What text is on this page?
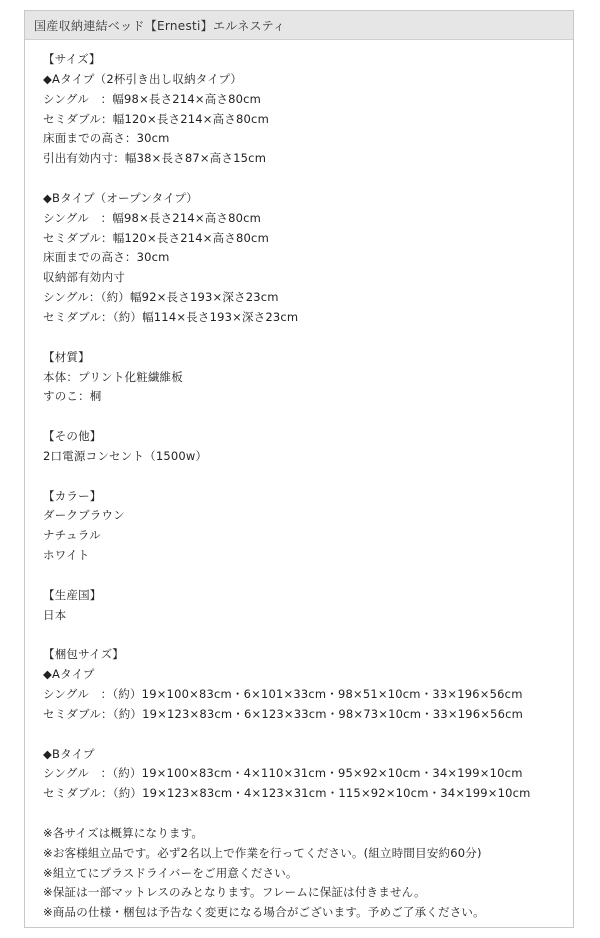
国産収納連結ベッド【Ernesti】エルネスティ
【サイズ】
◆Aタイプ（2杯引き出し収納タイプ）
シングル　：幅98×長さ214×高さ80cm
セミダブル：幅120×長さ214×高さ80cm
床面までの高さ：30cm
引出有効内寸：幅38×長さ87×高さ15cm
◆Bタイプ（オープンタイプ）
シングル　：幅98×長さ214×高さ80cm
セミダブル：幅120×長さ214×高さ80cm
床面までの高さ：30cm
収納部有効内寸
シングル：（約）幅92×長さ193×深さ23cm
セミダブル：（約）幅114×長さ193×深さ23cm
【材質】
本体：プリント化粧繊維板
すのこ：桐
【その他】
2口電源コンセント（1500w）
【カラー】
ダークブラウン
ナチュラル
ホワイト
【生産国】
日本
【梱包サイズ】
◆Aタイプ
シングル　：（約）19×100×83cm・6×101×33cm・98×51×10cm・33×196×56cm
セミダブル：（約）19×123×83cm・6×123×33cm・98×73×10cm・33×196×56cm
◆Bタイプ
シングル　：（約）19×100×83cm・4×110×31cm・95×92×10cm・34×199×10cm
セミダブル：（約）19×123×83cm・4×123×31cm・115×92×10cm・34×199×10cm
※各サイズは概算になります。
※お客様組立品です。必ず2名以上で作業を行ってください。(組立時間目安約60分)
※組立てにプラスドライバーをご用意ください。
※保証は一部マットレスのみとなります。フレームに保証は付きません。
※商品の仕様・梱包は予告なく変更になる場合がございます。予めご了承ください。
